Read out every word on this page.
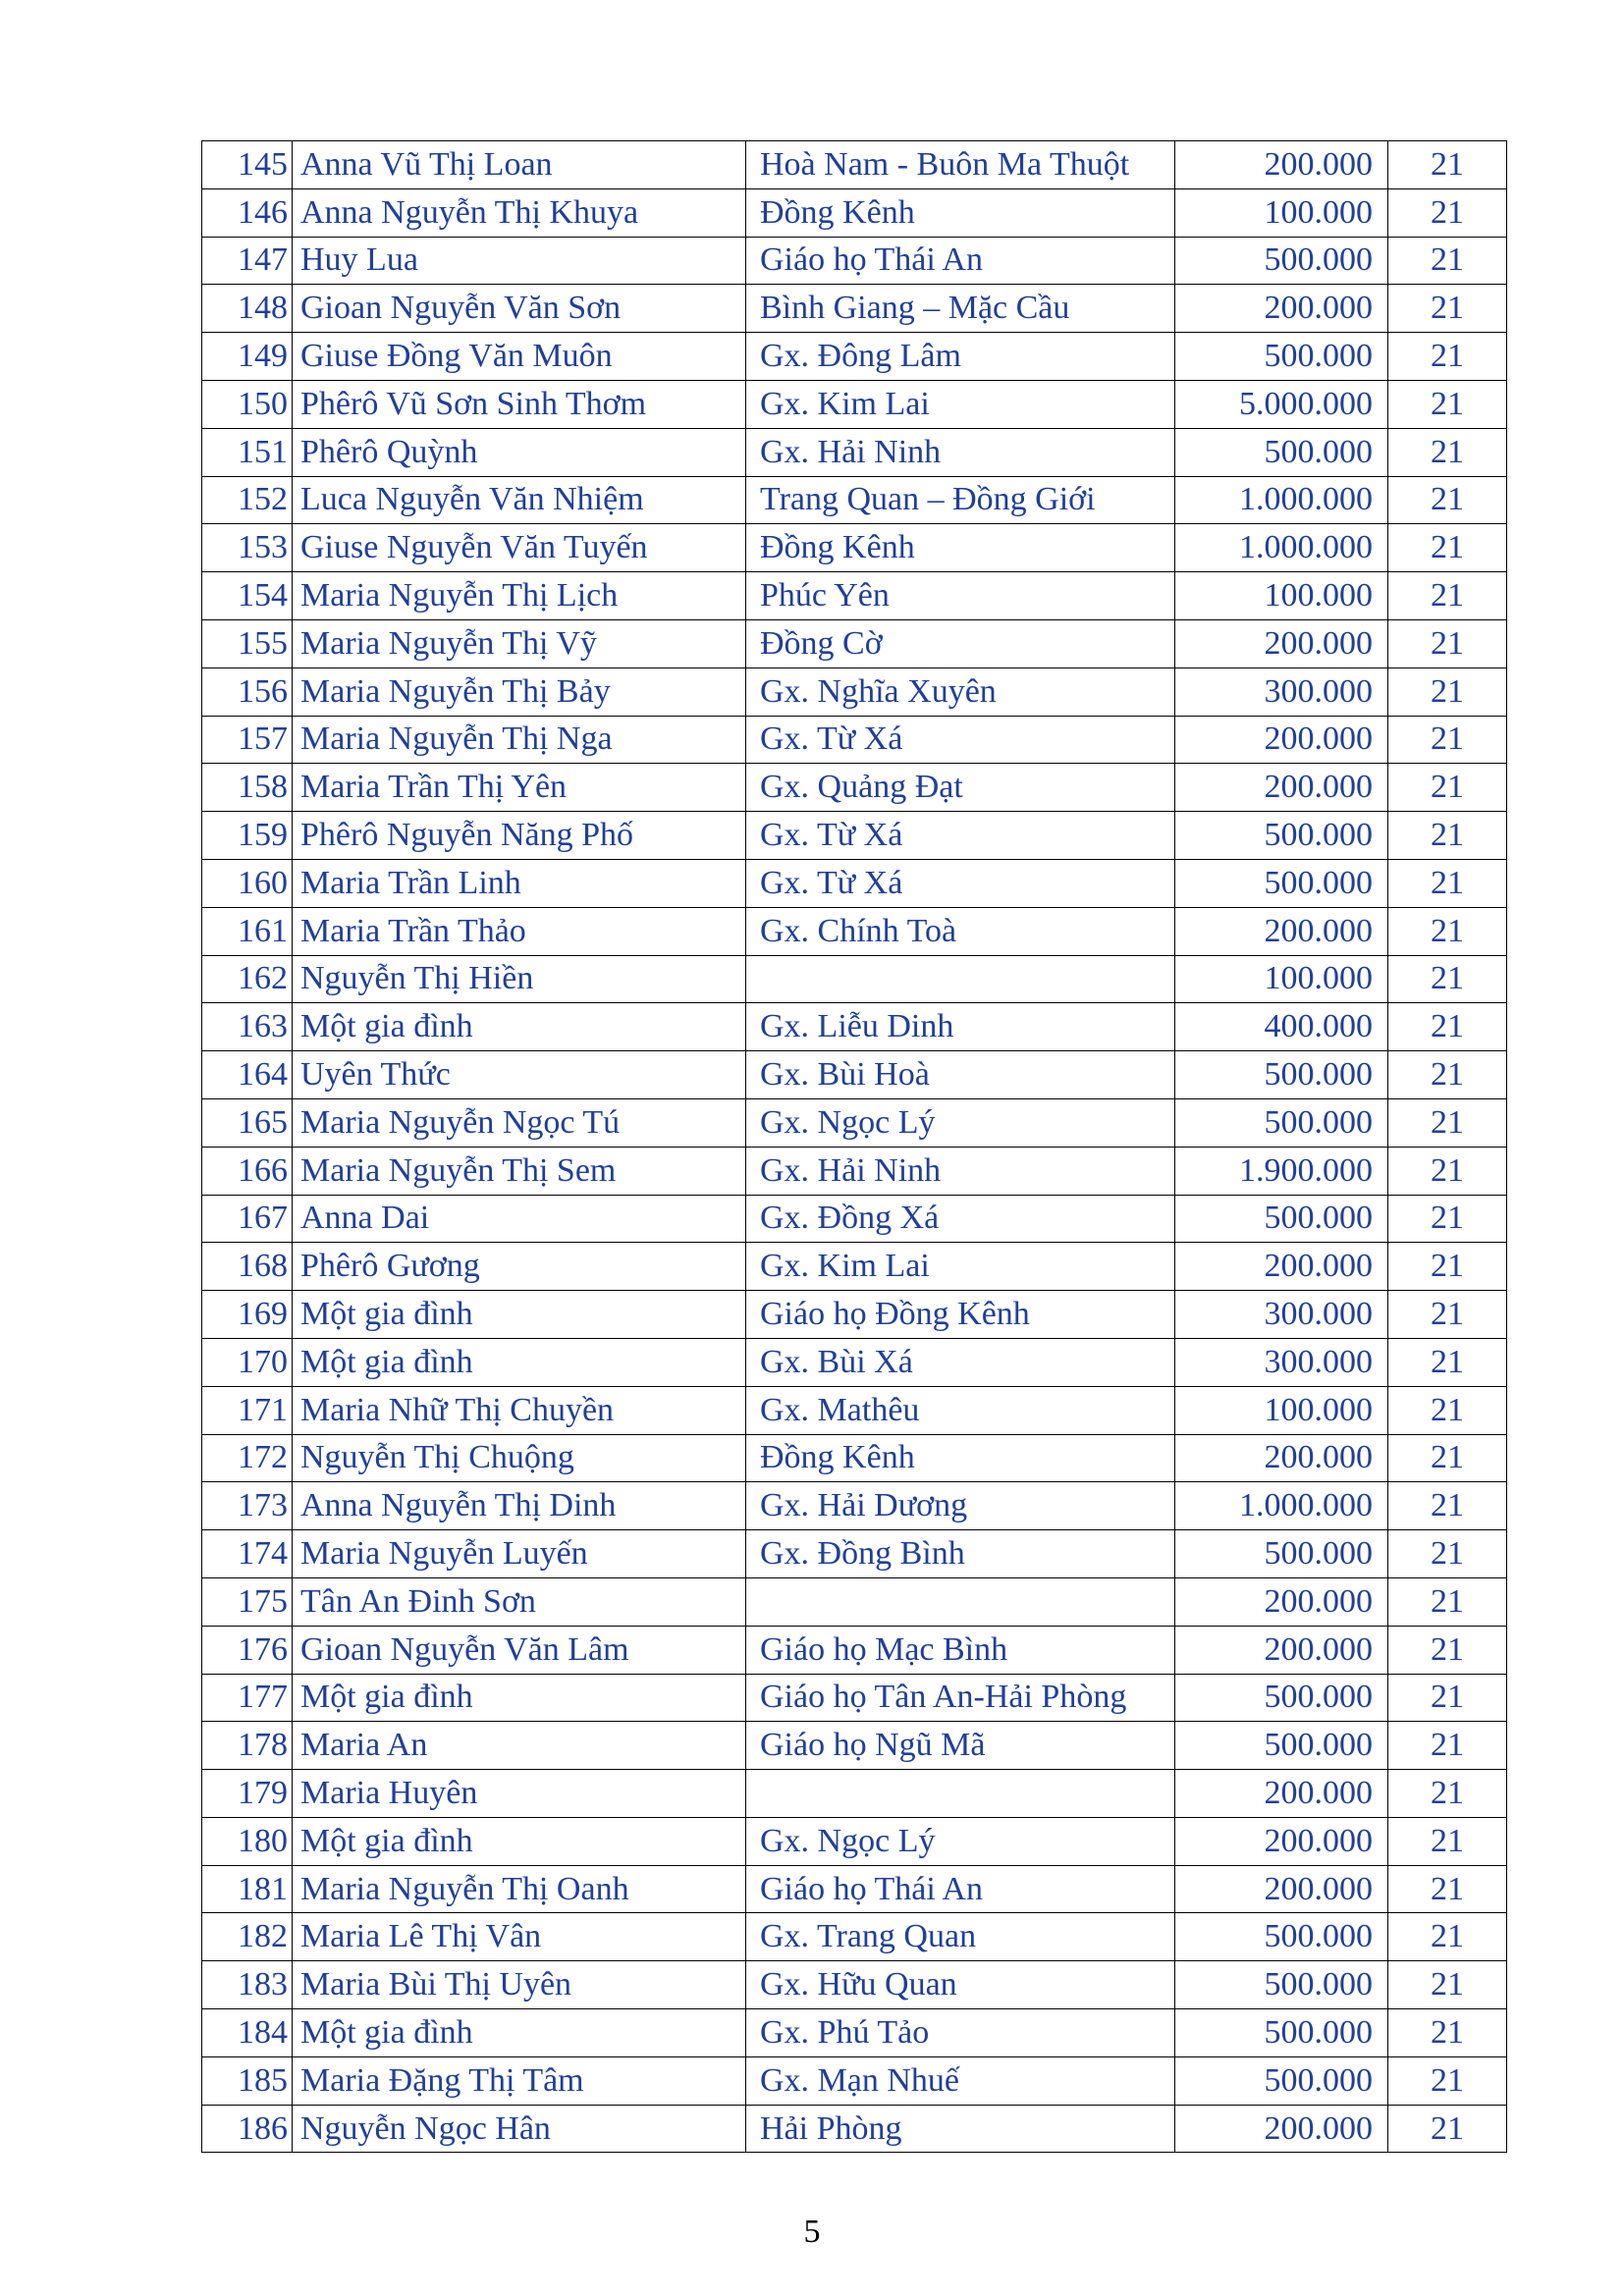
145	Anna Vũ Thị Loan	Hoà Nam - Buôn Ma Thuột	200.000	21
146	Anna Nguyễn Thị Khuya	Đồng Kênh	100.000	21
147	Huy Lua	Giáo họ Thái An	500.000	21
148	Gioan Nguyễn Văn Sơn	Bình Giang – Mặc Cầu	200.000	21
149	Giuse Đồng Văn Muôn	Gx. Đông Lâm	500.000	21
150	Phêrô Vũ Sơn Sinh Thơm	Gx. Kim Lai	5.000.000	21
151	Phêrô Quỳnh	Gx. Hải Ninh	500.000	21
152	Luca Nguyễn Văn Nhiệm	Trang Quan – Đồng Giới	1.000.000	21
153	Giuse Nguyễn Văn Tuyến	Đồng Kênh	1.000.000	21
154	Maria Nguyễn Thị Lịch	Phúc Yên	100.000	21
155	Maria Nguyễn Thị Vỹ	Đồng Cờ	200.000	21
156	Maria Nguyễn Thị Bảy	Gx. Nghĩa Xuyên	300.000	21
157	Maria Nguyễn Thị Nga	Gx. Từ Xá	200.000	21
158	Maria Trần Thị Yên	Gx. Quảng Đạt	200.000	21
159	Phêrô Nguyễn Năng Phố	Gx. Từ Xá	500.000	21
160	Maria Trần Linh	Gx. Từ Xá	500.000	21
161	Maria Trần Thảo	Gx. Chính Toà	200.000	21
162	Nguyễn Thị Hiền		100.000	21
163	Một gia đình	Gx. Liễu Dinh	400.000	21
164	Uyên Thức	Gx. Bùi Hoà	500.000	21
165	Maria Nguyễn Ngọc Tú	Gx. Ngọc Lý	500.000	21
166	Maria Nguyễn Thị Sem	Gx. Hải Ninh	1.900.000	21
167	Anna Dai	Gx. Đồng Xá	500.000	21
168	Phêrô Gương	Gx. Kim Lai	200.000	21
169	Một gia đình	Giáo họ Đồng Kênh	300.000	21
170	Một gia đình	Gx. Bùi Xá	300.000	21
171	Maria Nhữ Thị Chuyền	Gx. Mathêu	100.000	21
172	Nguyễn Thị Chuộng	Đồng Kênh	200.000	21
173	Anna Nguyễn Thị Dinh	Gx. Hải Dương	1.000.000	21
174	Maria Nguyễn Luyến	Gx. Đồng Bình	500.000	21
175	Tân An Đinh Sơn		200.000	21
176	Gioan Nguyễn Văn Lâm	Giáo họ Mạc Bình	200.000	21
177	Một gia đình	Giáo họ Tân An-Hải Phòng	500.000	21
178	Maria An	Giáo họ Ngũ Mã	500.000	21
179	Maria Huyên		200.000	21
180	Một gia đình	Gx. Ngọc Lý	200.000	21
181	Maria Nguyễn Thị Oanh	Giáo họ Thái An	200.000	21
182	Maria Lê Thị Vân	Gx. Trang Quan	500.000	21
183	Maria Bùi Thị Uyên	Gx. Hữu Quan	500.000	21
184	Một gia đình	Gx. Phú Tảo	500.000	21
185	Maria Đặng Thị Tâm	Gx. Mạn Nhuế	500.000	21
186	Nguyễn Ngọc Hân	Hải Phòng	200.000	21
5
